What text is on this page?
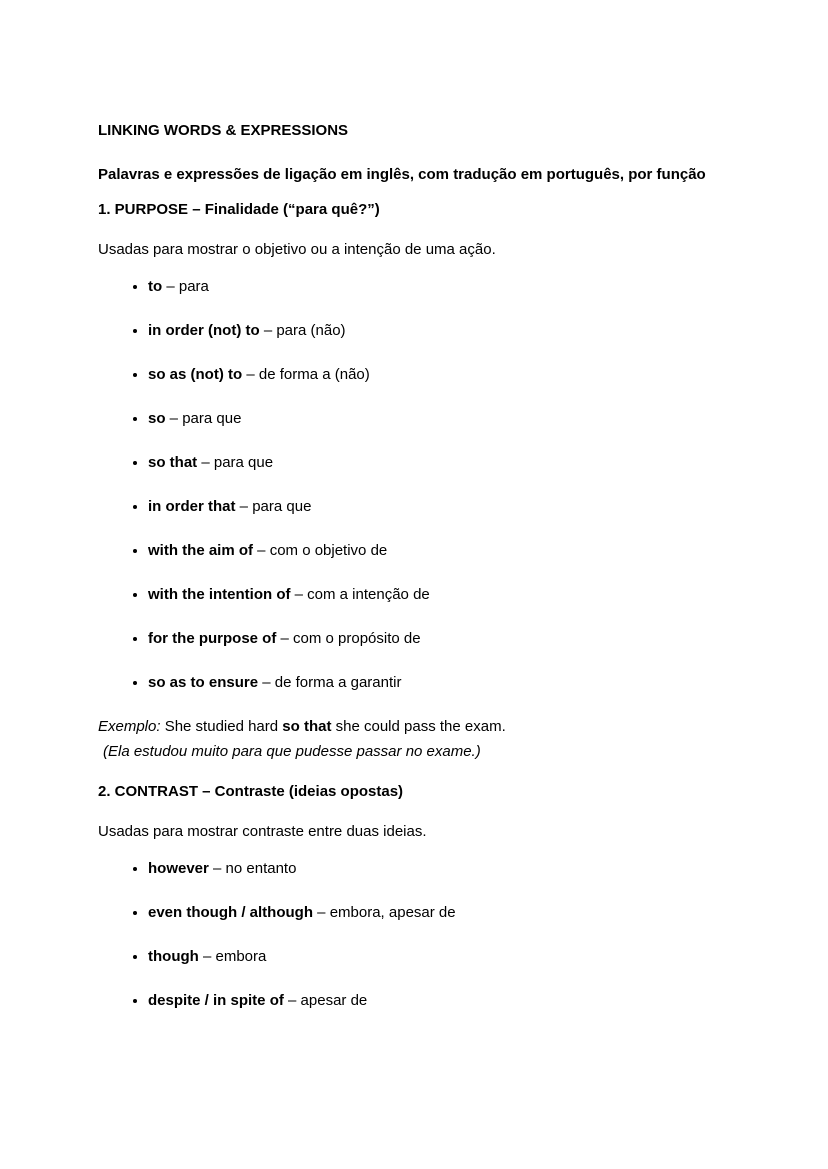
LINKING WORDS & EXPRESSIONS

Palavras e expressões de ligação em inglês, com tradução em português, por função

1. PURPOSE – Finalidade (“para quê?”)

Usadas para mostrar o objetivo ou a intenção de uma ação.

• to – para
• in order (not) to – para (não)
• so as (not) to – de forma a (não)
• so – para que
• so that – para que
• in order that – para que
• with the aim of – com o objetivo de
• with the intention of – com a intenção de
• for the purpose of – com o propósito de
• so as to ensure – de forma a garantir

Exemplo: She studied hard so that she could pass the exam.
(Ela estudou muito para que pudesse passar no exame.)

2. CONTRAST – Contraste (ideias opostas)

Usadas para mostrar contraste entre duas ideias.

• however – no entanto
• even though / although – embora, apesar de
• though – embora
• despite / in spite of – apesar de
